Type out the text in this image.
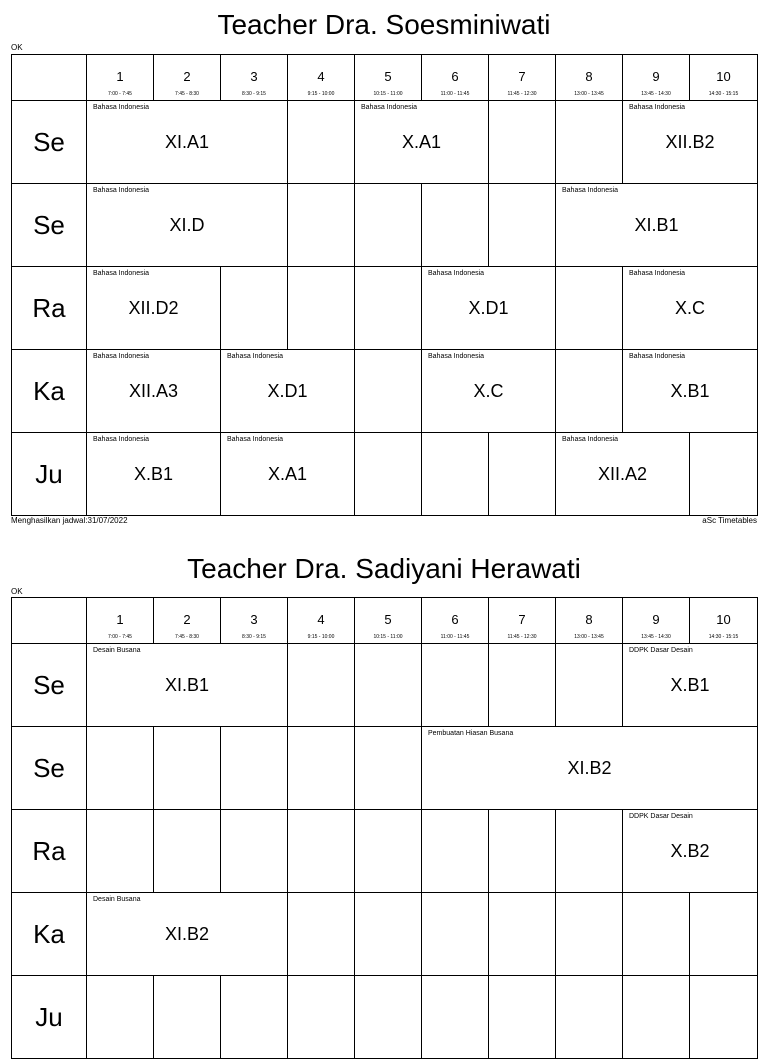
Teacher Dra. Soesminiwati
OK
1
7:00 - 7:45
2
7:45 - 8:30
3
8:30 - 9:15
4
9:15 - 10:00
5
10:15 - 11:00
6
11:00 - 11:45
7
11:45 - 12:30
8
13:00 - 13:45
9
13:45 - 14:30
10
14:30 - 15:15
Se
Bahasa Indonesia
XI.A1
Bahasa Indonesia
X.A1
Bahasa Indonesia
XII.B2
Se
Bahasa Indonesia
XI.D
Bahasa Indonesia
XI.B1
Ra
Bahasa Indonesia
XII.D2
Bahasa Indonesia
X.D1
Bahasa Indonesia
X.C
Ka
Bahasa Indonesia
XII.A3
Bahasa Indonesia
X.D1
Bahasa Indonesia
X.C
Bahasa Indonesia
X.B1
Ju
Bahasa Indonesia
X.B1
Bahasa Indonesia
X.A1
Bahasa Indonesia
XII.A2
Menghasilkan jadwal:31/07/2022	aSc Timetables
Teacher Dra. Sadiyani Herawati
OK
1
7:00 - 7:45
2
7:45 - 8:30
3
8:30 - 9:15
4
9:15 - 10:00
5
10:15 - 11:00
6
11:00 - 11:45
7
11:45 - 12:30
8
13:00 - 13:45
9
13:45 - 14:30
10
14:30 - 15:15
Se
Desain Busana
XI.B1
DDPK Dasar Desain
X.B1
Se
Pembuatan Hiasan Busana
XI.B2
Ra
DDPK Dasar Desain
X.B2
Ka
Desain Busana
XI.B2
Ju
